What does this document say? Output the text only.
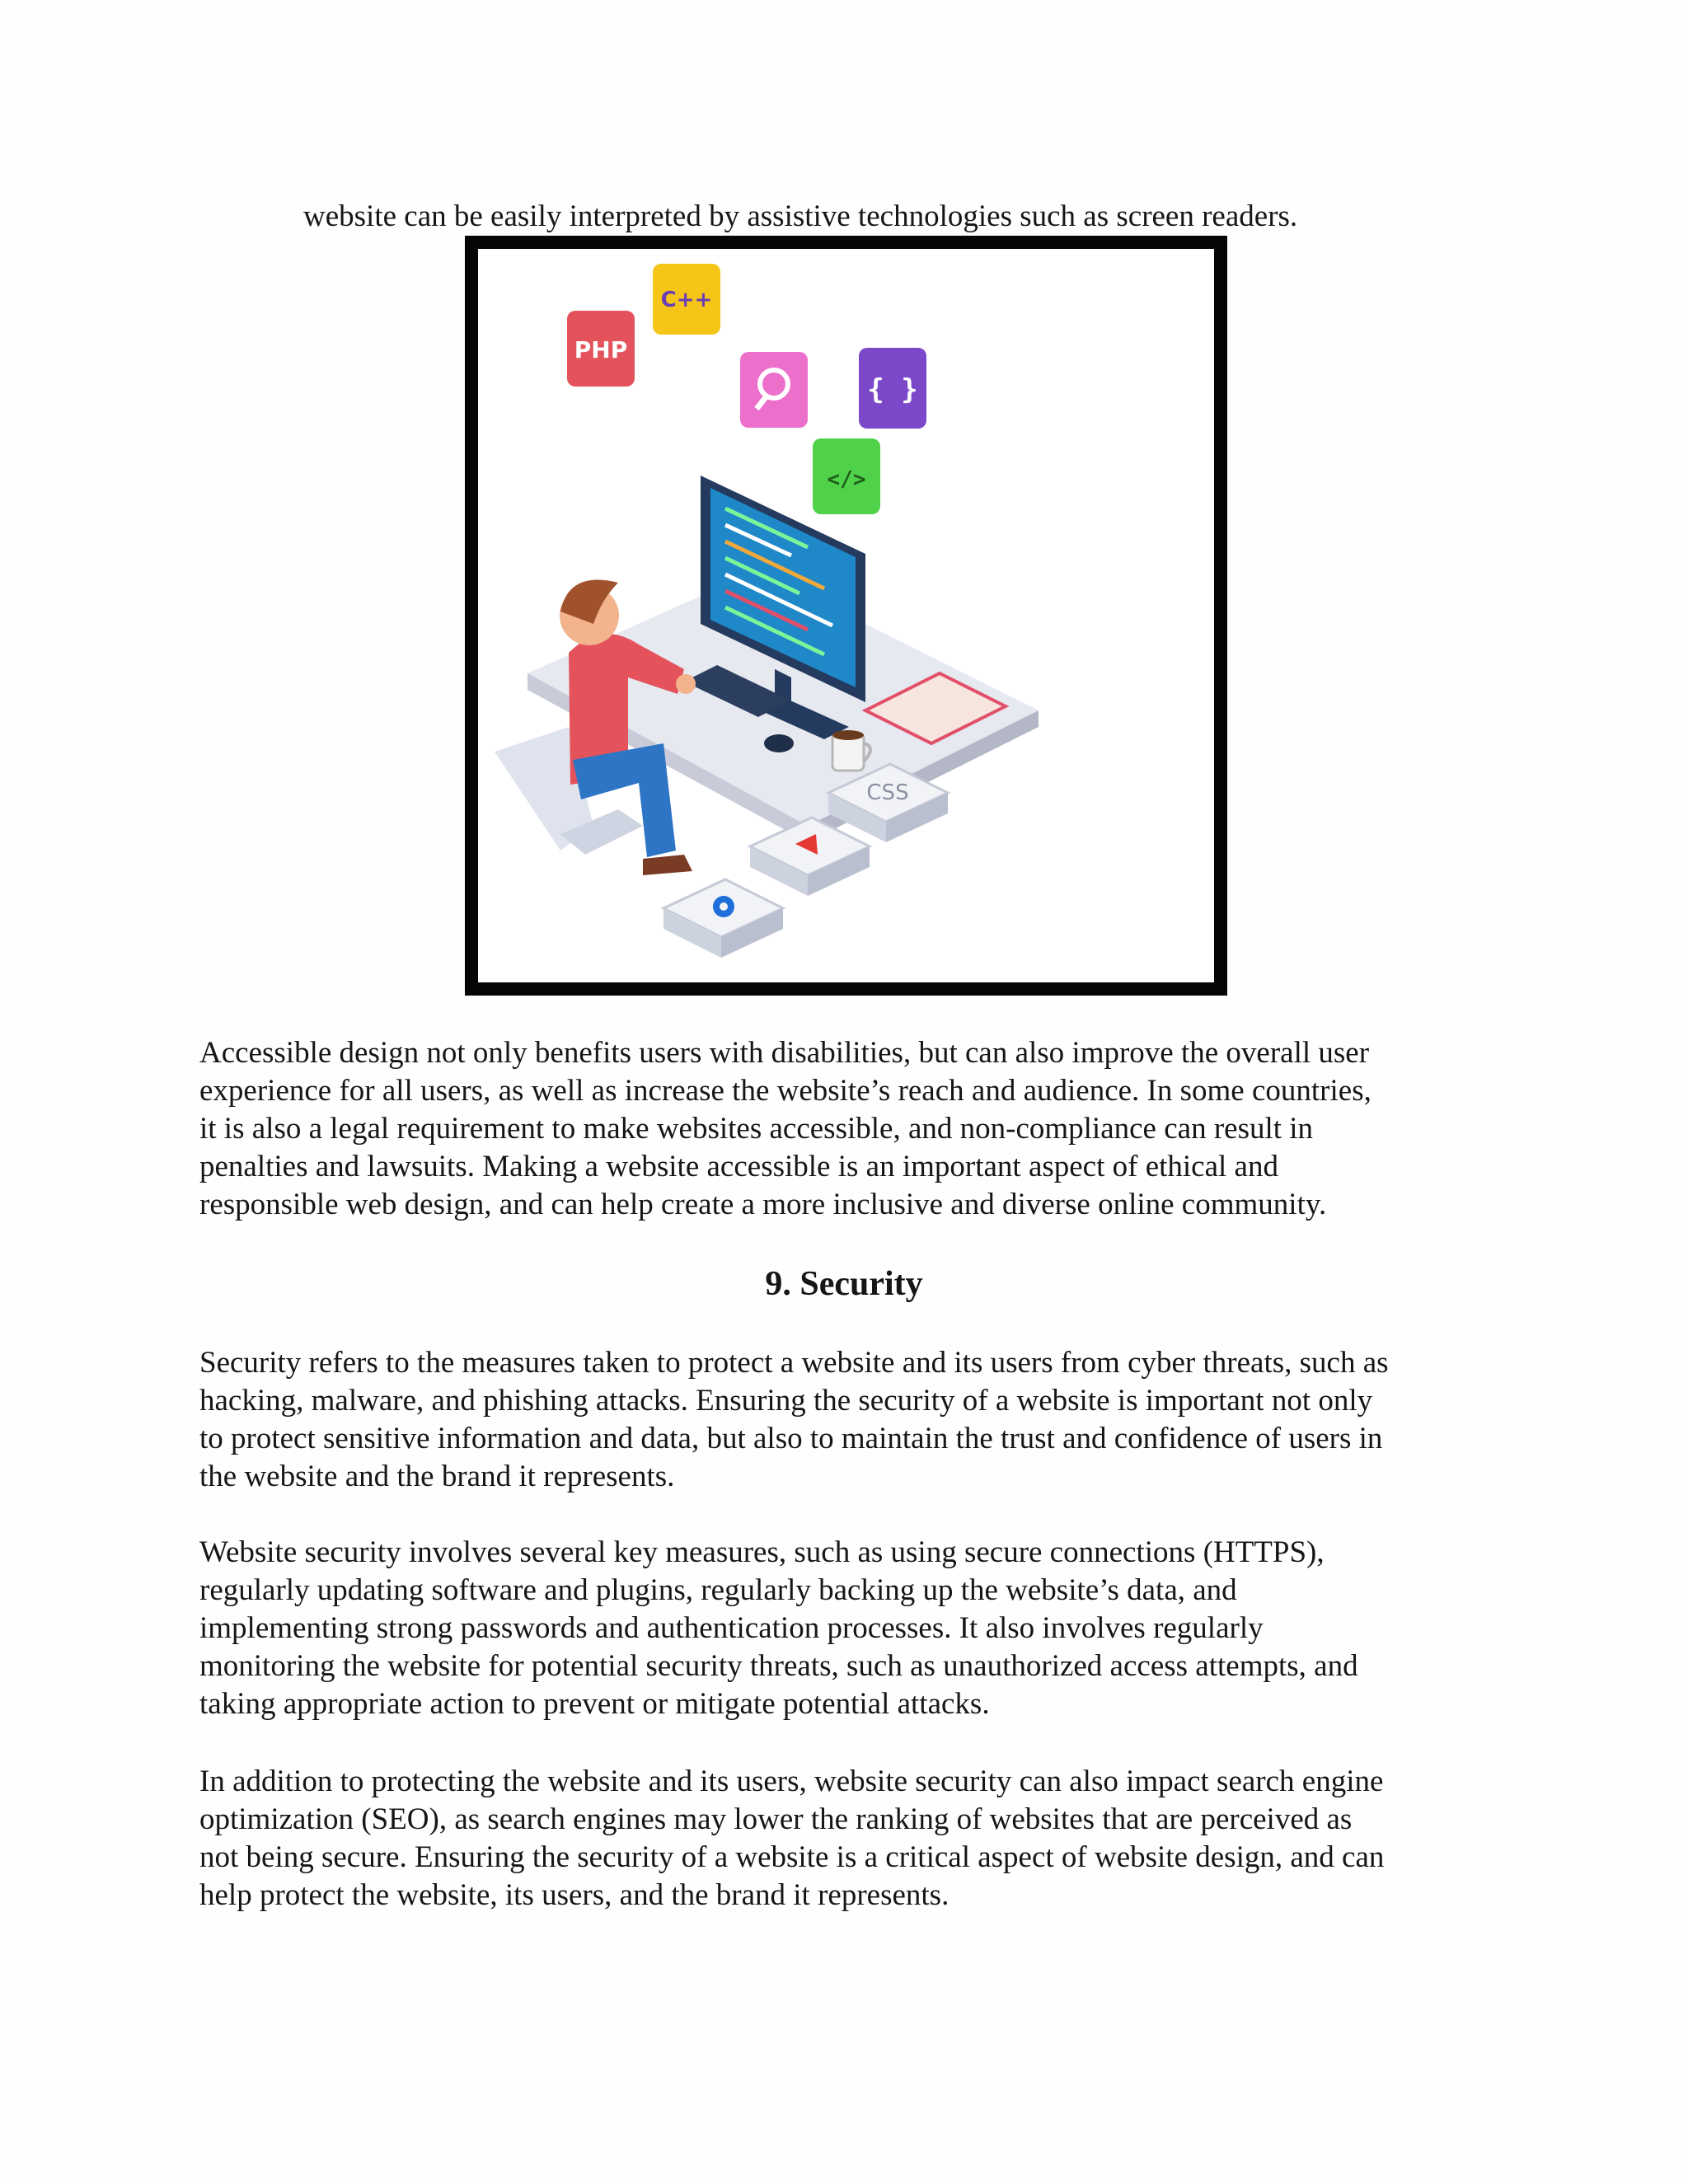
website can be easily interpreted by assistive technologies such as screen readers.

PHP
C++
{ }
</>
CSS

Accessible design not only benefits users with disabilities, but can also improve the overall user
experience for all users, as well as increase the website’s reach and audience. In some countries,
it is also a legal requirement to make websites accessible, and non-compliance can result in
penalties and lawsuits. Making a website accessible is an important aspect of ethical and
responsible web design, and can help create a more inclusive and diverse online community.

9. Security

Security refers to the measures taken to protect a website and its users from cyber threats, such as
hacking, malware, and phishing attacks. Ensuring the security of a website is important not only
to protect sensitive information and data, but also to maintain the trust and confidence of users in
the website and the brand it represents.

Website security involves several key measures, such as using secure connections (HTTPS),
regularly updating software and plugins, regularly backing up the website’s data, and
implementing strong passwords and authentication processes. It also involves regularly
monitoring the website for potential security threats, such as unauthorized access attempts, and
taking appropriate action to prevent or mitigate potential attacks.

In addition to protecting the website and its users, website security can also impact search engine
optimization (SEO), as search engines may lower the ranking of websites that are perceived as
not being secure. Ensuring the security of a website is a critical aspect of website design, and can
help protect the website, its users, and the brand it represents.
